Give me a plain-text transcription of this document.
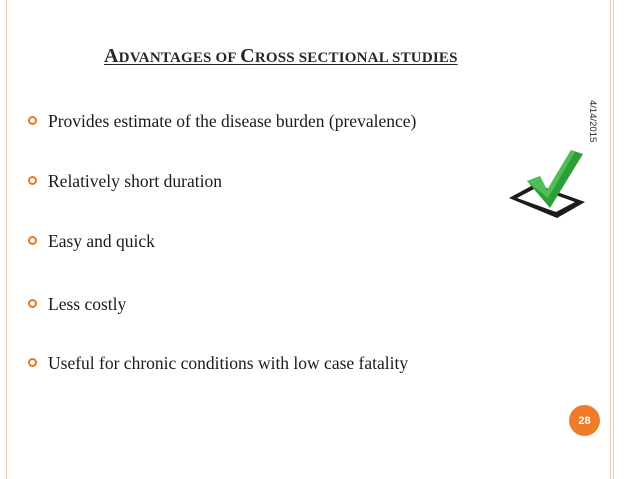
ADVANTAGES OF CROSS SECTIONAL STUDIES
4/14/2015
Provides estimate of the disease burden (prevalence)
Relatively short duration
Easy and quick
Less costly
Useful for chronic conditions with low case fatality
28
